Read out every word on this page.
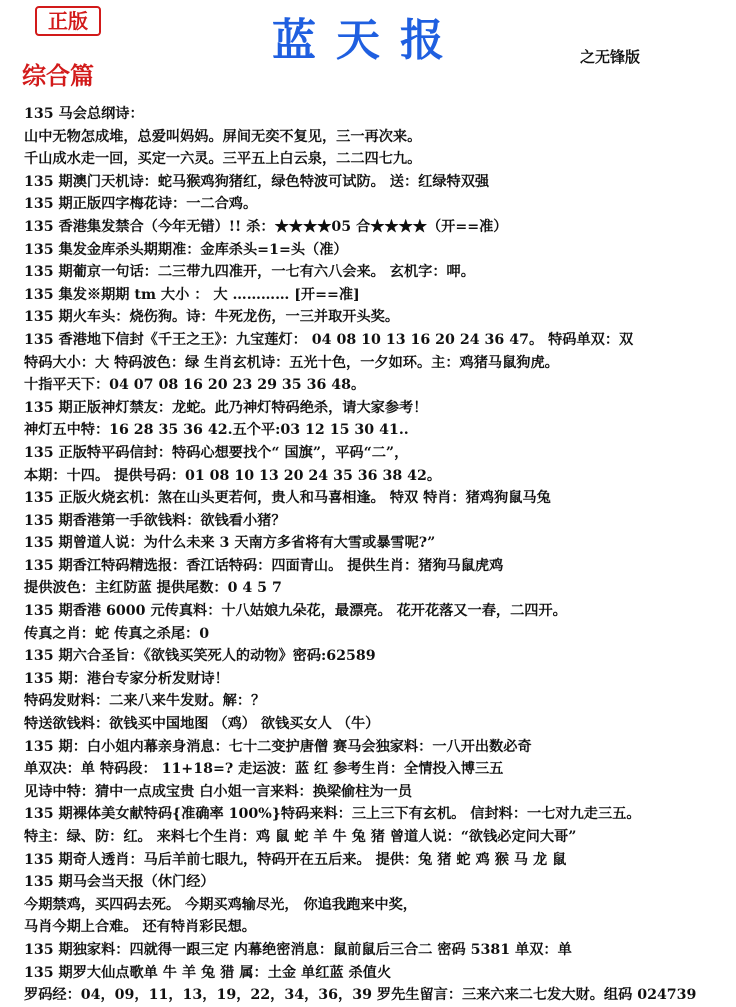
正版	蓝天报	之无锋版
综合篇
135 马会总纲诗：
山中无物怎成堆，总爱叫妈妈。屏间无奕不复见，三一再次来。
千山成水走一回，买定一六灵。三平五上白云泉，二二四七九。
135 期澳门天机诗：蛇马猴鸡狗猪红，绿色特波可试防。 送：红绿特双强
135 期正版四字梅花诗：一二合鸡。
135 香港集发禁合（今年无错）!! 杀：★★★★05 合★★★★（开==准）
135 集发金库杀头期期准：金库杀头=1=头（准）
135 期葡京一句话：二三带九四准开，一七有六八会来。 玄机字：呷。
135 集发※期期 tm 大小 ： 大 ………… [开==准]
135 期火车头：烧伤狗。诗：牛死龙伤，一三并取开头奖。
135 香港地下信封《千王之王》：九宝莲灯： 04 08 10 13 16 20 24 36 47。 特码单双：双
特码大小：大 特码波色：绿 生肖玄机诗：五光十色，一夕如环。主：鸡猪马鼠狗虎。
十指平天下：04 07 08 16 20 23 29 35 36 48。
135 期正版神灯禁友：龙蛇。此乃神灯特码绝杀，请大家参考！
神灯五中特：16 28 35 36 42.五个平:03 12 15 30 41..
135 正版特平码信封：特码心想要找个“ 国旗”，平码“二”，
本期：十四。 提供号码：01 08 10 13 20 24 35 36 38 42。
135 正版火烧玄机：煞在山头更若何，贵人和马喜相逢。 特双 特肖：猪鸡狗鼠马兔
135 期香港第一手欲钱料：欲钱看小猪？
135 期曾道人说：为什么未来 3 天南方多省将有大雪或暴雪呢?”
135 期香江特码精选报：香江话特码：四面青山。 提供生肖：猪狗马鼠虎鸡
提供波色：主红防蓝 提供尾数：0 4 5 7
135 期香港 6000 元传真料：十八姑娘九朵花，最漂亮。 花开花落又一春，二四开。
传真之肖：蛇 传真之杀尾：0
135 期六合圣旨：《欲钱买笑死人的动物》密码:62589
135 期：港台专家分析发财诗！
特码发财料：二来八来牛发财。解：？
特送欲钱料：欲钱买中国地图 （鸡） 欲钱买女人 （牛）
135 期：白小姐内幕亲身消息：七十二变护唐僧 赛马会独家料：一八开出数必奇
单双决：单 特码段： 11+18=? 走运波：蓝 红 参考生肖：全情投入博三五
见诗中特：猜中一点成宝贵 白小姐一言来料：换梁偷柱为一员
135 期裸体美女献特码{准确率 100%}特码来料：三上三下有玄机。 信封料：一七对九走三五。
特主：绿、防：红。 来料七个生肖：鸡 鼠 蛇 羊 牛 兔 猪 曾道人说：“欲钱必定问大哥”
135 期奇人透肖：马后羊前七眼九，特码开在五后来。 提供：兔 猪 蛇 鸡 猴 马 龙 鼠
135 期马会当天报（休门经）
今期禁鸡，买四码去死。 今期买鸡输尽光， 你追我跑来中奖，
马肖今期上合难。 还有特肖彩民想。
135 期独家料：四就得一跟三定 内幕绝密消息：鼠前鼠后三合二 密码 5381 单双：单
135 期罗大仙点歌单 牛 羊 兔 猎 属：土金 单红蓝 杀值火
罗码经：04，09，11，13，19，22，34，36，39 罗先生留言：三来六来二七发大财。组码 024739
